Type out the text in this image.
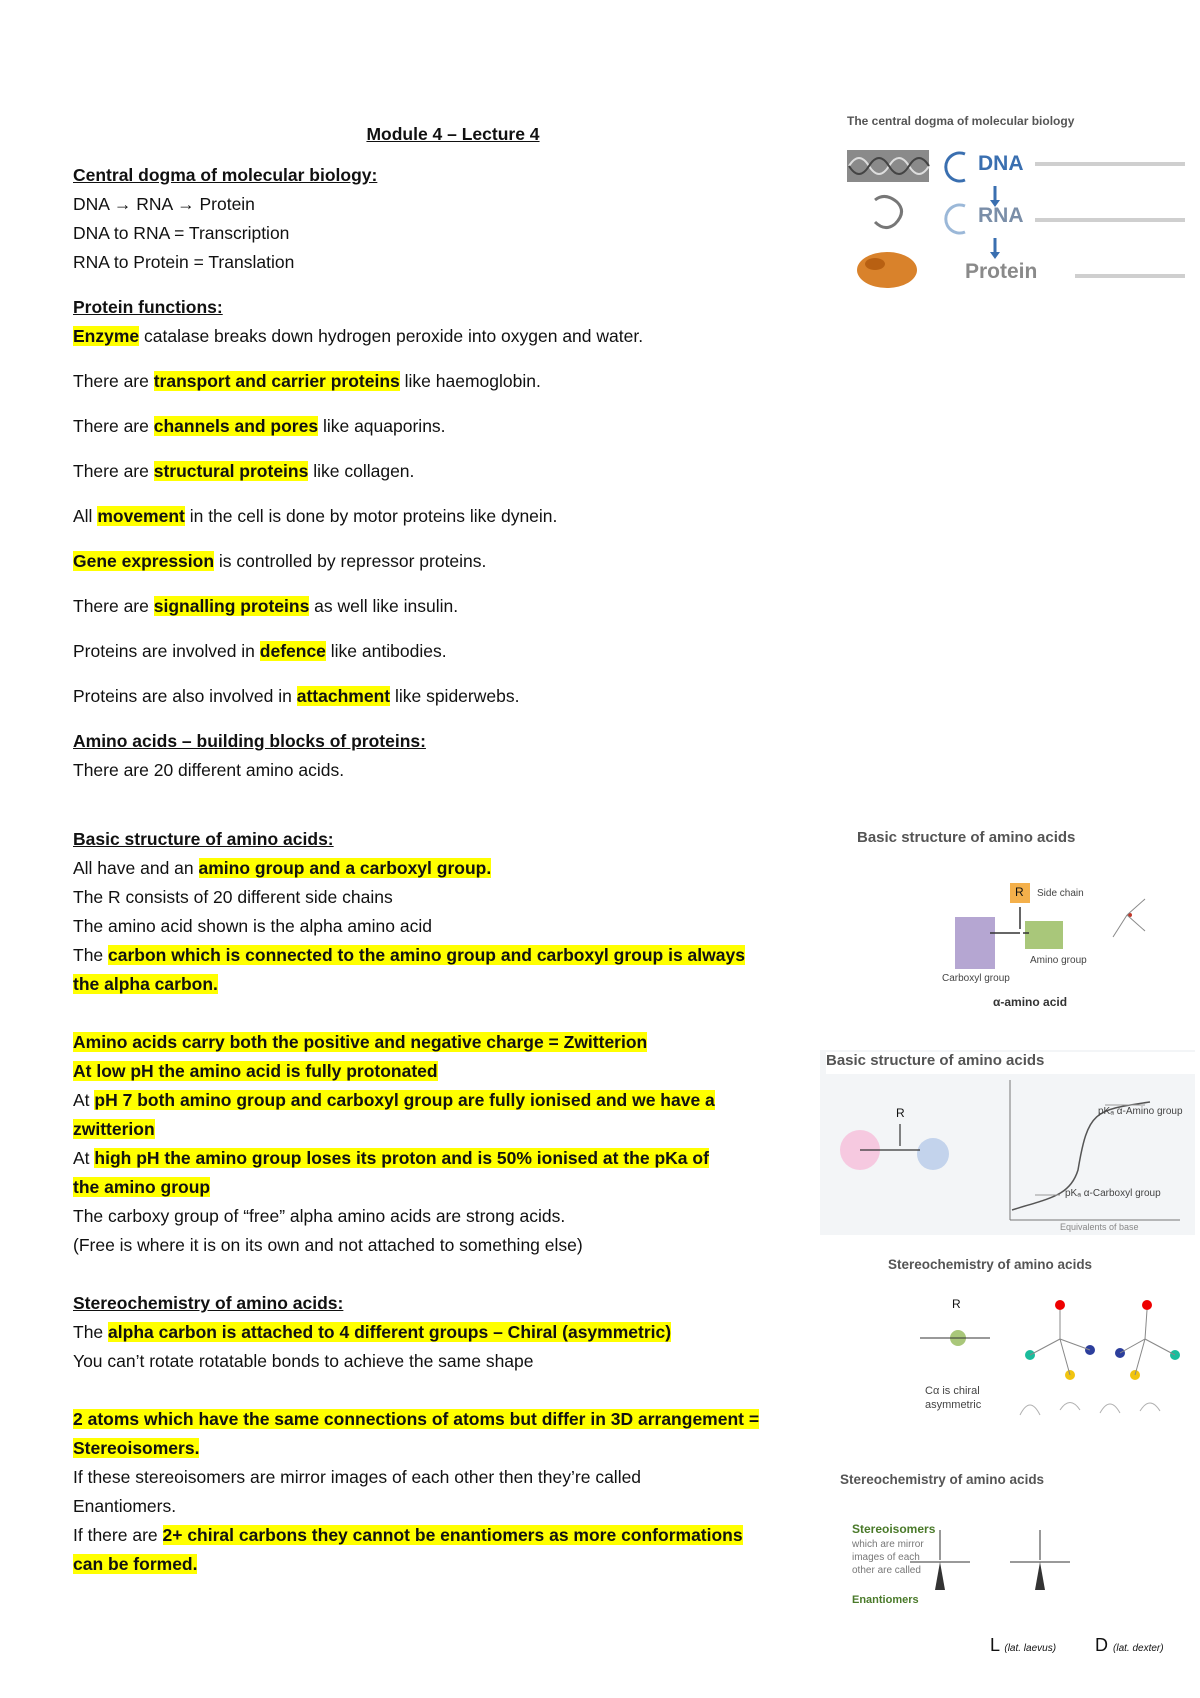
Module 4 – Lecture 4
Central dogma of molecular biology:
DNA → RNA → Protein
DNA to RNA = Transcription
RNA to Protein = Translation
Protein functions:
Enzyme catalase breaks down hydrogen peroxide into oxygen and water.
There are transport and carrier proteins like haemoglobin.
There are channels and pores like aquaporins.
There are structural proteins like collagen.
All movement in the cell is done by motor proteins like dynein.
Gene expression is controlled by repressor proteins.
There are signalling proteins as well like insulin.
Proteins are involved in defence like antibodies.
Proteins are also involved in attachment like spiderwebs.
Amino acids – building blocks of proteins:
There are 20 different amino acids.
Basic structure of amino acids:
All have and an amino group and a carboxyl group.
The R consists of 20 different side chains
The amino acid shown is the alpha amino acid
The carbon which is connected to the amino group and carboxyl group is always
the alpha carbon.
Amino acids carry both the positive and negative charge = Zwitterion
At low pH the amino acid is fully protonated
At pH 7 both amino group and carboxyl group are fully ionised and we have a
zwitterion
At high pH the amino group loses its proton and is 50% ionised at the pKa of
the amino group
The carboxy group of “free” alpha amino acids are strong acids.
(Free is where it is on its own and not attached to something else)
Stereochemistry of amino acids:
The alpha carbon is attached to 4 different groups – Chiral (asymmetric)
You can’t rotate rotatable bonds to achieve the same shape
2 atoms which have the same connections of atoms but differ in 3D arrangement =
Stereoisomers.
If these stereoisomers are mirror images of each other then they’re called
Enantiomers.
If there are 2+ chiral carbons they cannot be enantiomers as more conformations
can be formed.
The central dogma of molecular biology
DNA
RNA
Protein
Basic structure of amino acids
R Side chain
Carboxyl group
Amino group
α-amino acid
Basic structure of amino acids
R	pKₐ α-Amino group
pKₐ α-Carboxyl group
Equivalents of base
Stereochemistry of amino acids
R
Cα is chiral
asymmetric
Stereochemistry of amino acids
Stereoisomers
which are mirror images of each other are called
Enantiomers
L (lat. laevus) D (lat. dexter)
